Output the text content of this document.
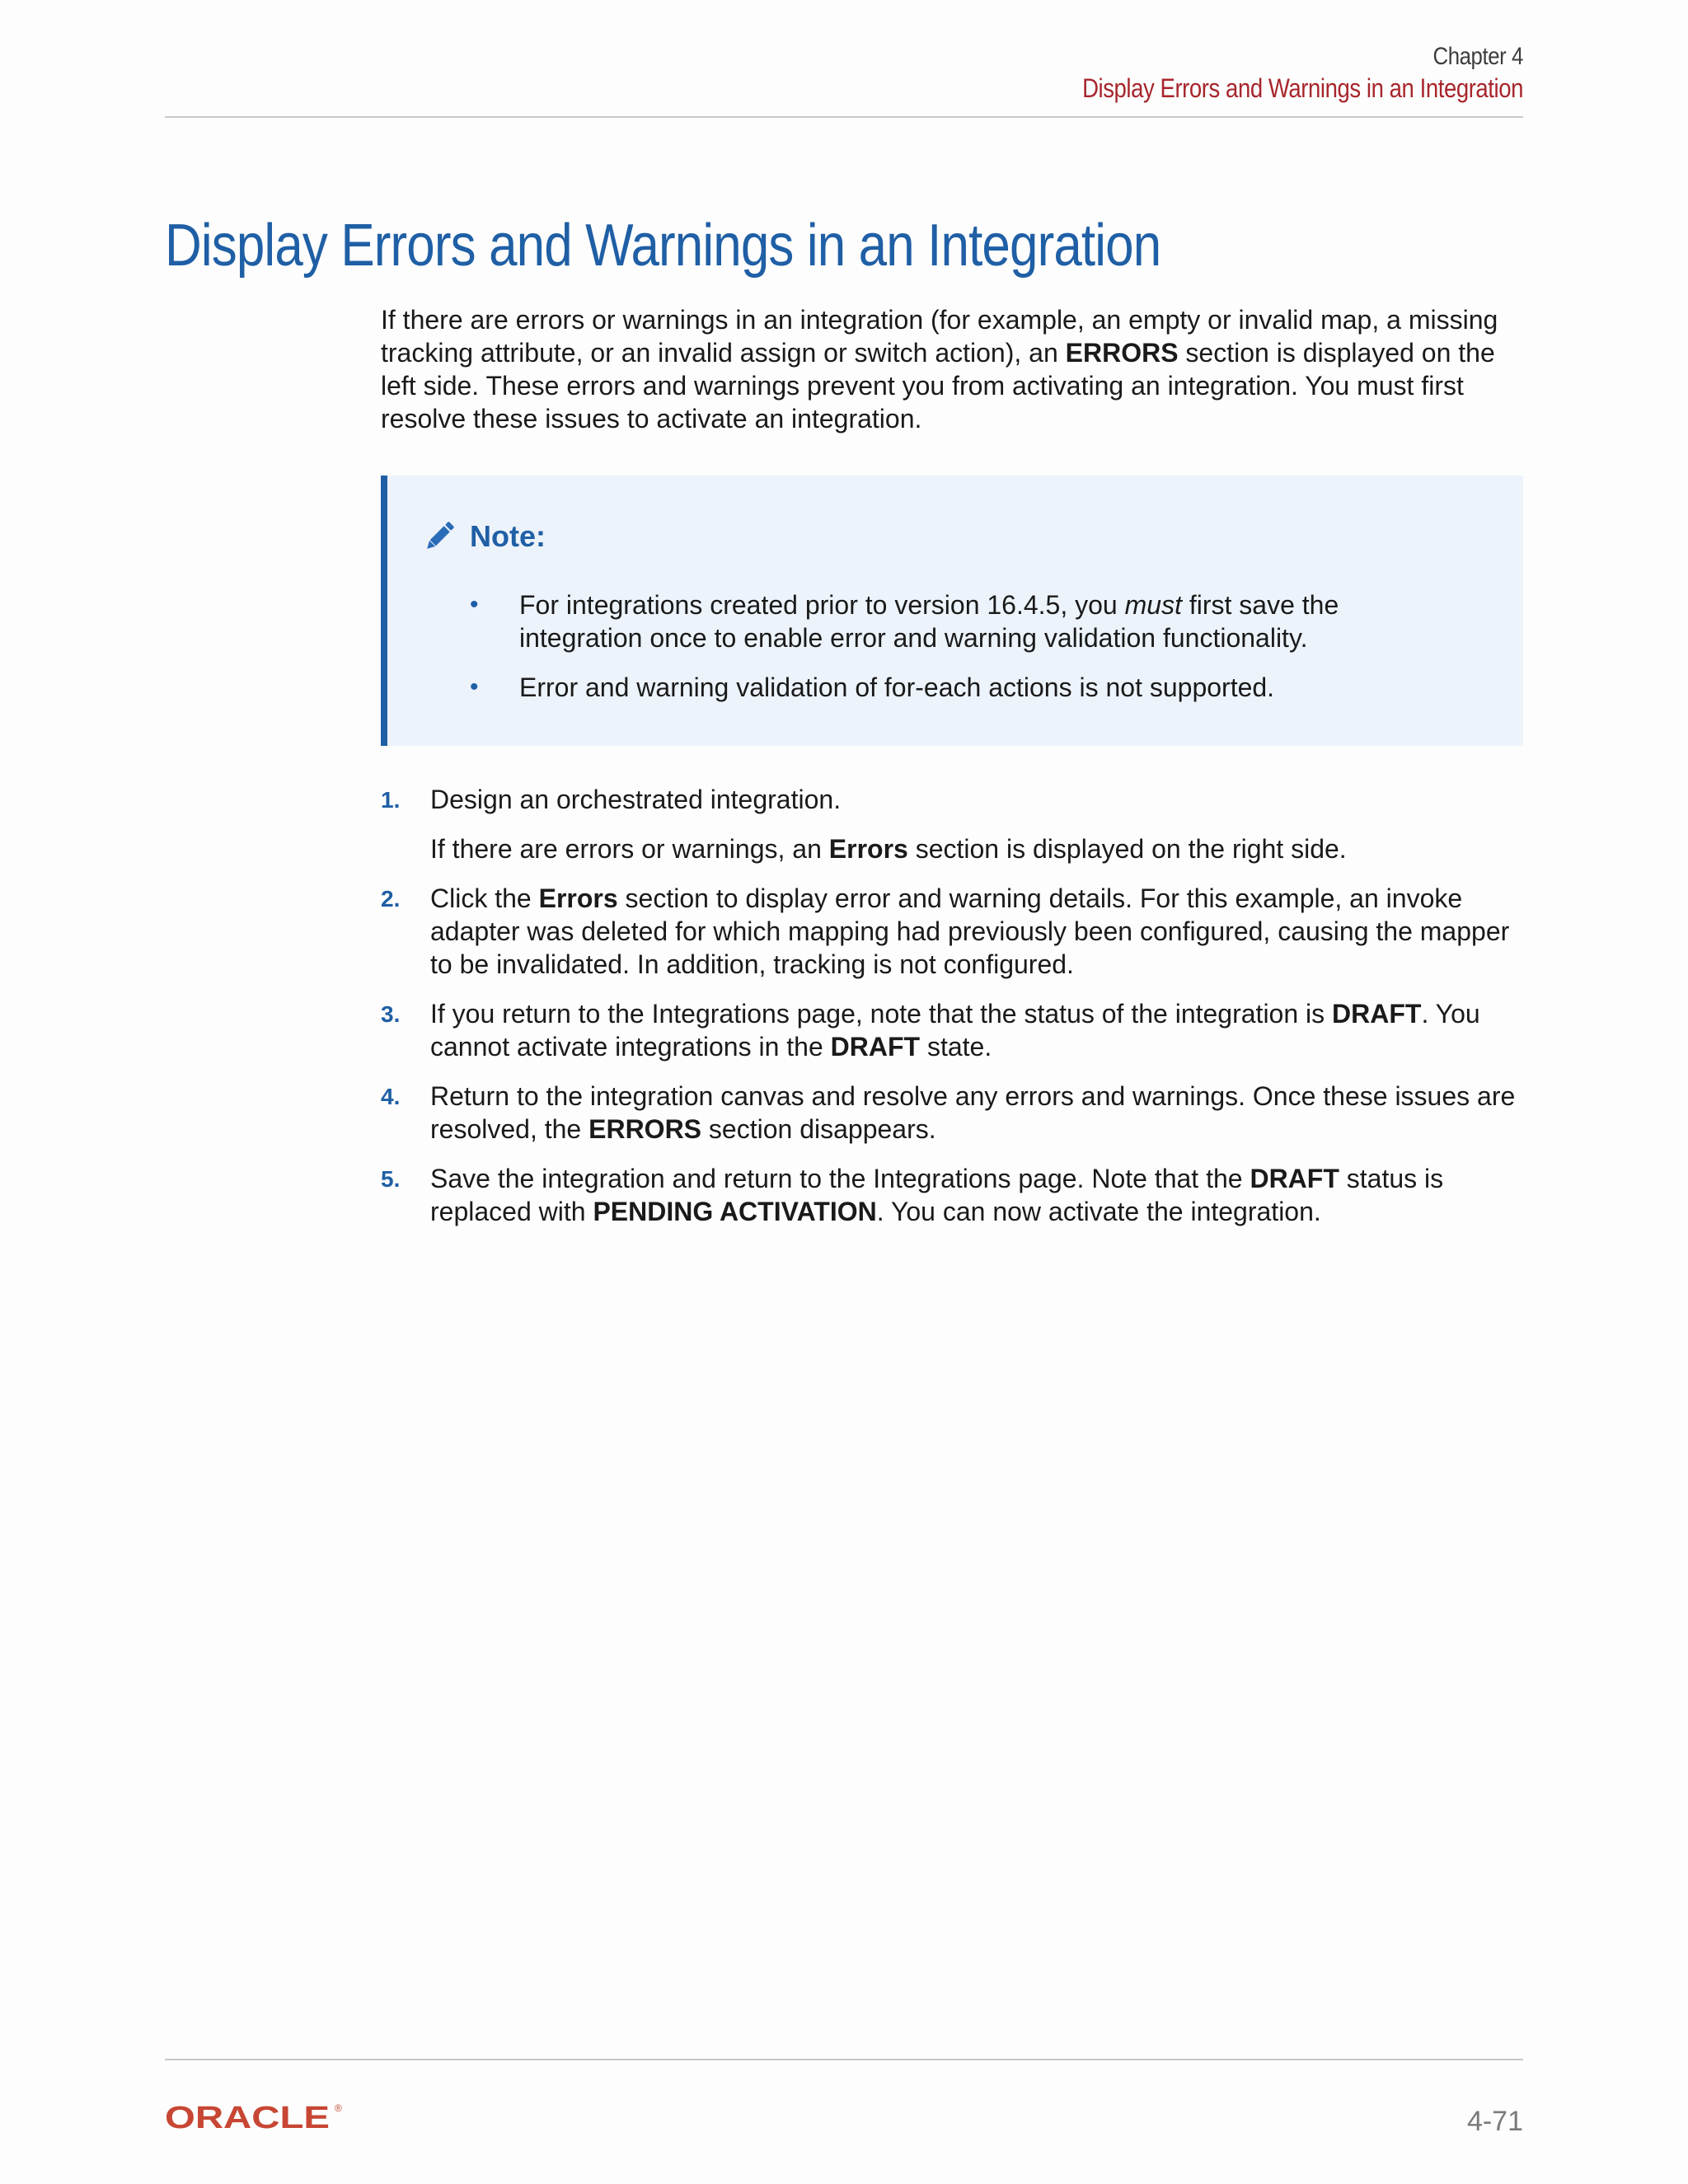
Chapter 4
Display Errors and Warnings in an Integration
Display Errors and Warnings in an Integration

If there are errors or warnings in an integration (for example, an empty or invalid map, a missing tracking attribute, or an invalid assign or switch action), an ERRORS section is displayed on the left side. These errors and warnings prevent you from activating an integration. You must first resolve these issues to activate an integration.

Note:
• For integrations created prior to version 16.4.5, you must first save the integration once to enable error and warning validation functionality.
• Error and warning validation of for-each actions is not supported.
1. Design an orchestrated integration.
If there are errors or warnings, an Errors section is displayed on the right side.
2. Click the Errors section to display error and warning details. For this example, an invoke adapter was deleted for which mapping had previously been configured, causing the mapper to be invalidated. In addition, tracking is not configured.
3. If you return to the Integrations page, note that the status of the integration is DRAFT. You cannot activate integrations in the DRAFT state.
4. Return to the integration canvas and resolve any errors and warnings. Once these issues are resolved, the ERRORS section disappears.
5. Save the integration and return to the Integrations page. Note that the DRAFT status is replaced with PENDING ACTIVATION. You can now activate the integration.
ORACLE ®	4-71
